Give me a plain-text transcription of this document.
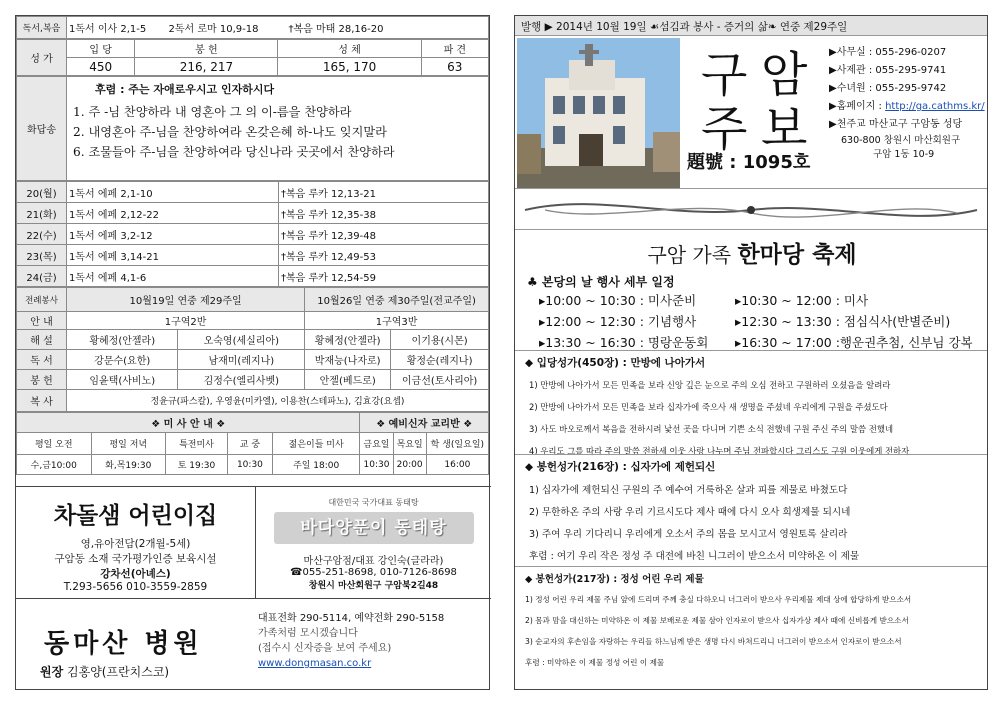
독서,복음	1독서 이사 2,1-5	2독서 로마 10,9-18	†복음 마태 28,16-20
성 가	입 당	봉 헌	성 체	파 견
	450	216, 217	165, 170	63
화답송	
후렴 : 주는 자애로우시고 인자하시다
1. 주 -님 찬양하라 내 영혼아 그 의 이-름을 찬양하라
2. 내영혼아 주-님을 찬양하여라 온갖은혜 하-나도 잊지말라
6. 조물들아 주-님을 찬양하여라 당신나라 곳곳에서 찬양하라
20(월)	1독서 에페 2,1-10	†복음 루카 12,13-21
21(화)	1독서 에페 2,12-22	†복음 루카 12,35-38
22(수)	1독서 에페 3,2-12	†복음 루카 12,39-48
23(목)	1독서 에페 3,14-21	†복음 루카 12,49-53
24(금)	1독서 에페 4,1-6	†복음 루카 12,54-59
전례봉사	10월19일 연중 제29주일		10월26일 연중 제30주일(전교주일)	
안 내	1구역2반		1구역3반	
해 설	황혜정(안젤라)	오숙영(세실리아)	황혜정(안젤라)	이기용(시몬)
독 서	강문수(요한)	남재미(레지나)	박재능(나자로)	황정순(레지나)
봉 헌	임윤택(사비노)	김정수(엘리사벳)	안젤(베드로)	이금선(토사리아)
복 사	정윤규(파스칼), 우영윤(미카엘), 이용찬(스테파노), 김효강(요셉)			
❖ 미 사 안 내 ❖					❖ 예비신자 교리반 ❖		
평일 오전	평일 저녁	특전미사	교 중	젊은이들 미사	금요일	목요일	학 생(일요일)
수,금10:00	화,목19:30	토 19:30	10:30	주일 18:00	10:30	20:00	16:00
차돌샘 어린이집
영,유아전담(2개월-5세)
구암동 소재 국가평가인증 보육시설
강차선(아녜스)
T.293-5656 010-3559-2859
대한민국 국가대표 동태탕
바다양푼이 동태탕
마산구암점/대표 강인숙(글라라)
☎055-251-8698, 010-7126-8698
창원시 마산회원구 구암북2길48
동마산 병원
원장 김홍양(프란치스코)
대표전화 290-5114, 예약전화 290-5158
가족처럼 모시겠습니다
(접수시 신자증을 보여 주세요)
www.dongmasan.co.kr
발행 ▶ 2014년 10월 19일 ☙섬김과 봉사 - 증거의 삶❧ 연중 제29주일
구 암
주 보
題號 : 1095호
▶사무실 : 055-296-0207
▶사제관 : 055-295-9741
▶수녀원 : 055-295-9742
▶홈페이지 : http://ga.cathms.kr/
▶천주교 마산교구 구암동 성당
630-800 창원시 마산회원구
구암 1동 10-9
구암 가족 한마당 축제
♣ 본당의 날 행사 세부 일정
▸10:00 ~ 10:30 : 미사준비	▸10:30 ~ 12:00 : 미사
▸12:00 ~ 12:30 : 기념행사	▸12:30 ~ 13:30 : 점심식사(반별준비)
▸13:30 ~ 16:30 : 명랑운동회	▸16:30 ~ 17:00 :행운권추첨, 신부님 강복
◆ 입당성가(450장) : 만방에 나아가서
1) 만방에 나아가서 모든 민족을 보라 신앙 깊은 눈으로 주의 오심 전하고 구원하러 오셨음을 알려라
2) 만방에 나아가서 모든 민족을 보라 십자가에 죽으사 새 생명을 주셨네 우리에게 구원을 주셨도다
3) 사도 바오로께서 복음을 전하시려 낯선 곳을 다니며 기쁜 소식 전했네 구원 주신 주의 말씀 전했네
4) 우리도 그를 따라 주의 말씀 전하세 이웃 사랑 나누며 주님 전파합시다 그리스도 구원 이웃에게 전하자
◆ 봉헌성가(216장) : 십자가에 제헌되신
1) 십자가에 제헌되신 구원의 주 예수여 거룩하온 살과 피를 제물로 바쳤도다
2) 무한하온 주의 사랑 우리 기르시도다 제사 때에 다시 오사 희생제물 되시네
3) 주여 우리 기다리니 우리에게 오소서 주의 몸을 모시고서 영원토록 살리라
후렴 : 여기 우리 작은 정성 주 대전에 바친 니그러이 받으소서 미약하온 이 제물
◆ 봉헌성가(217장) : 정성 어린 우리 제물
1) 정성 어린 우리 제물 주님 앞에 드리며 주께 충실 다하오니 너그러이 받으사 우리제물 제대 상에 합당하게 받으소서
2) 몸과 맘을 대신하는 미약하온 이 제물 보배로운 제물 삼아 인자로이 받으사 십자가상 제사 때에 신비롭게 받으소서
3) 순교자의 후손임을 자랑하는 우리들 하느님께 받은 생명 다시 바쳐드리니 너그러이 받으소서 인자로이 받으소서
후렴 : 미약하온 이 제물 정성 어린 이 제물
